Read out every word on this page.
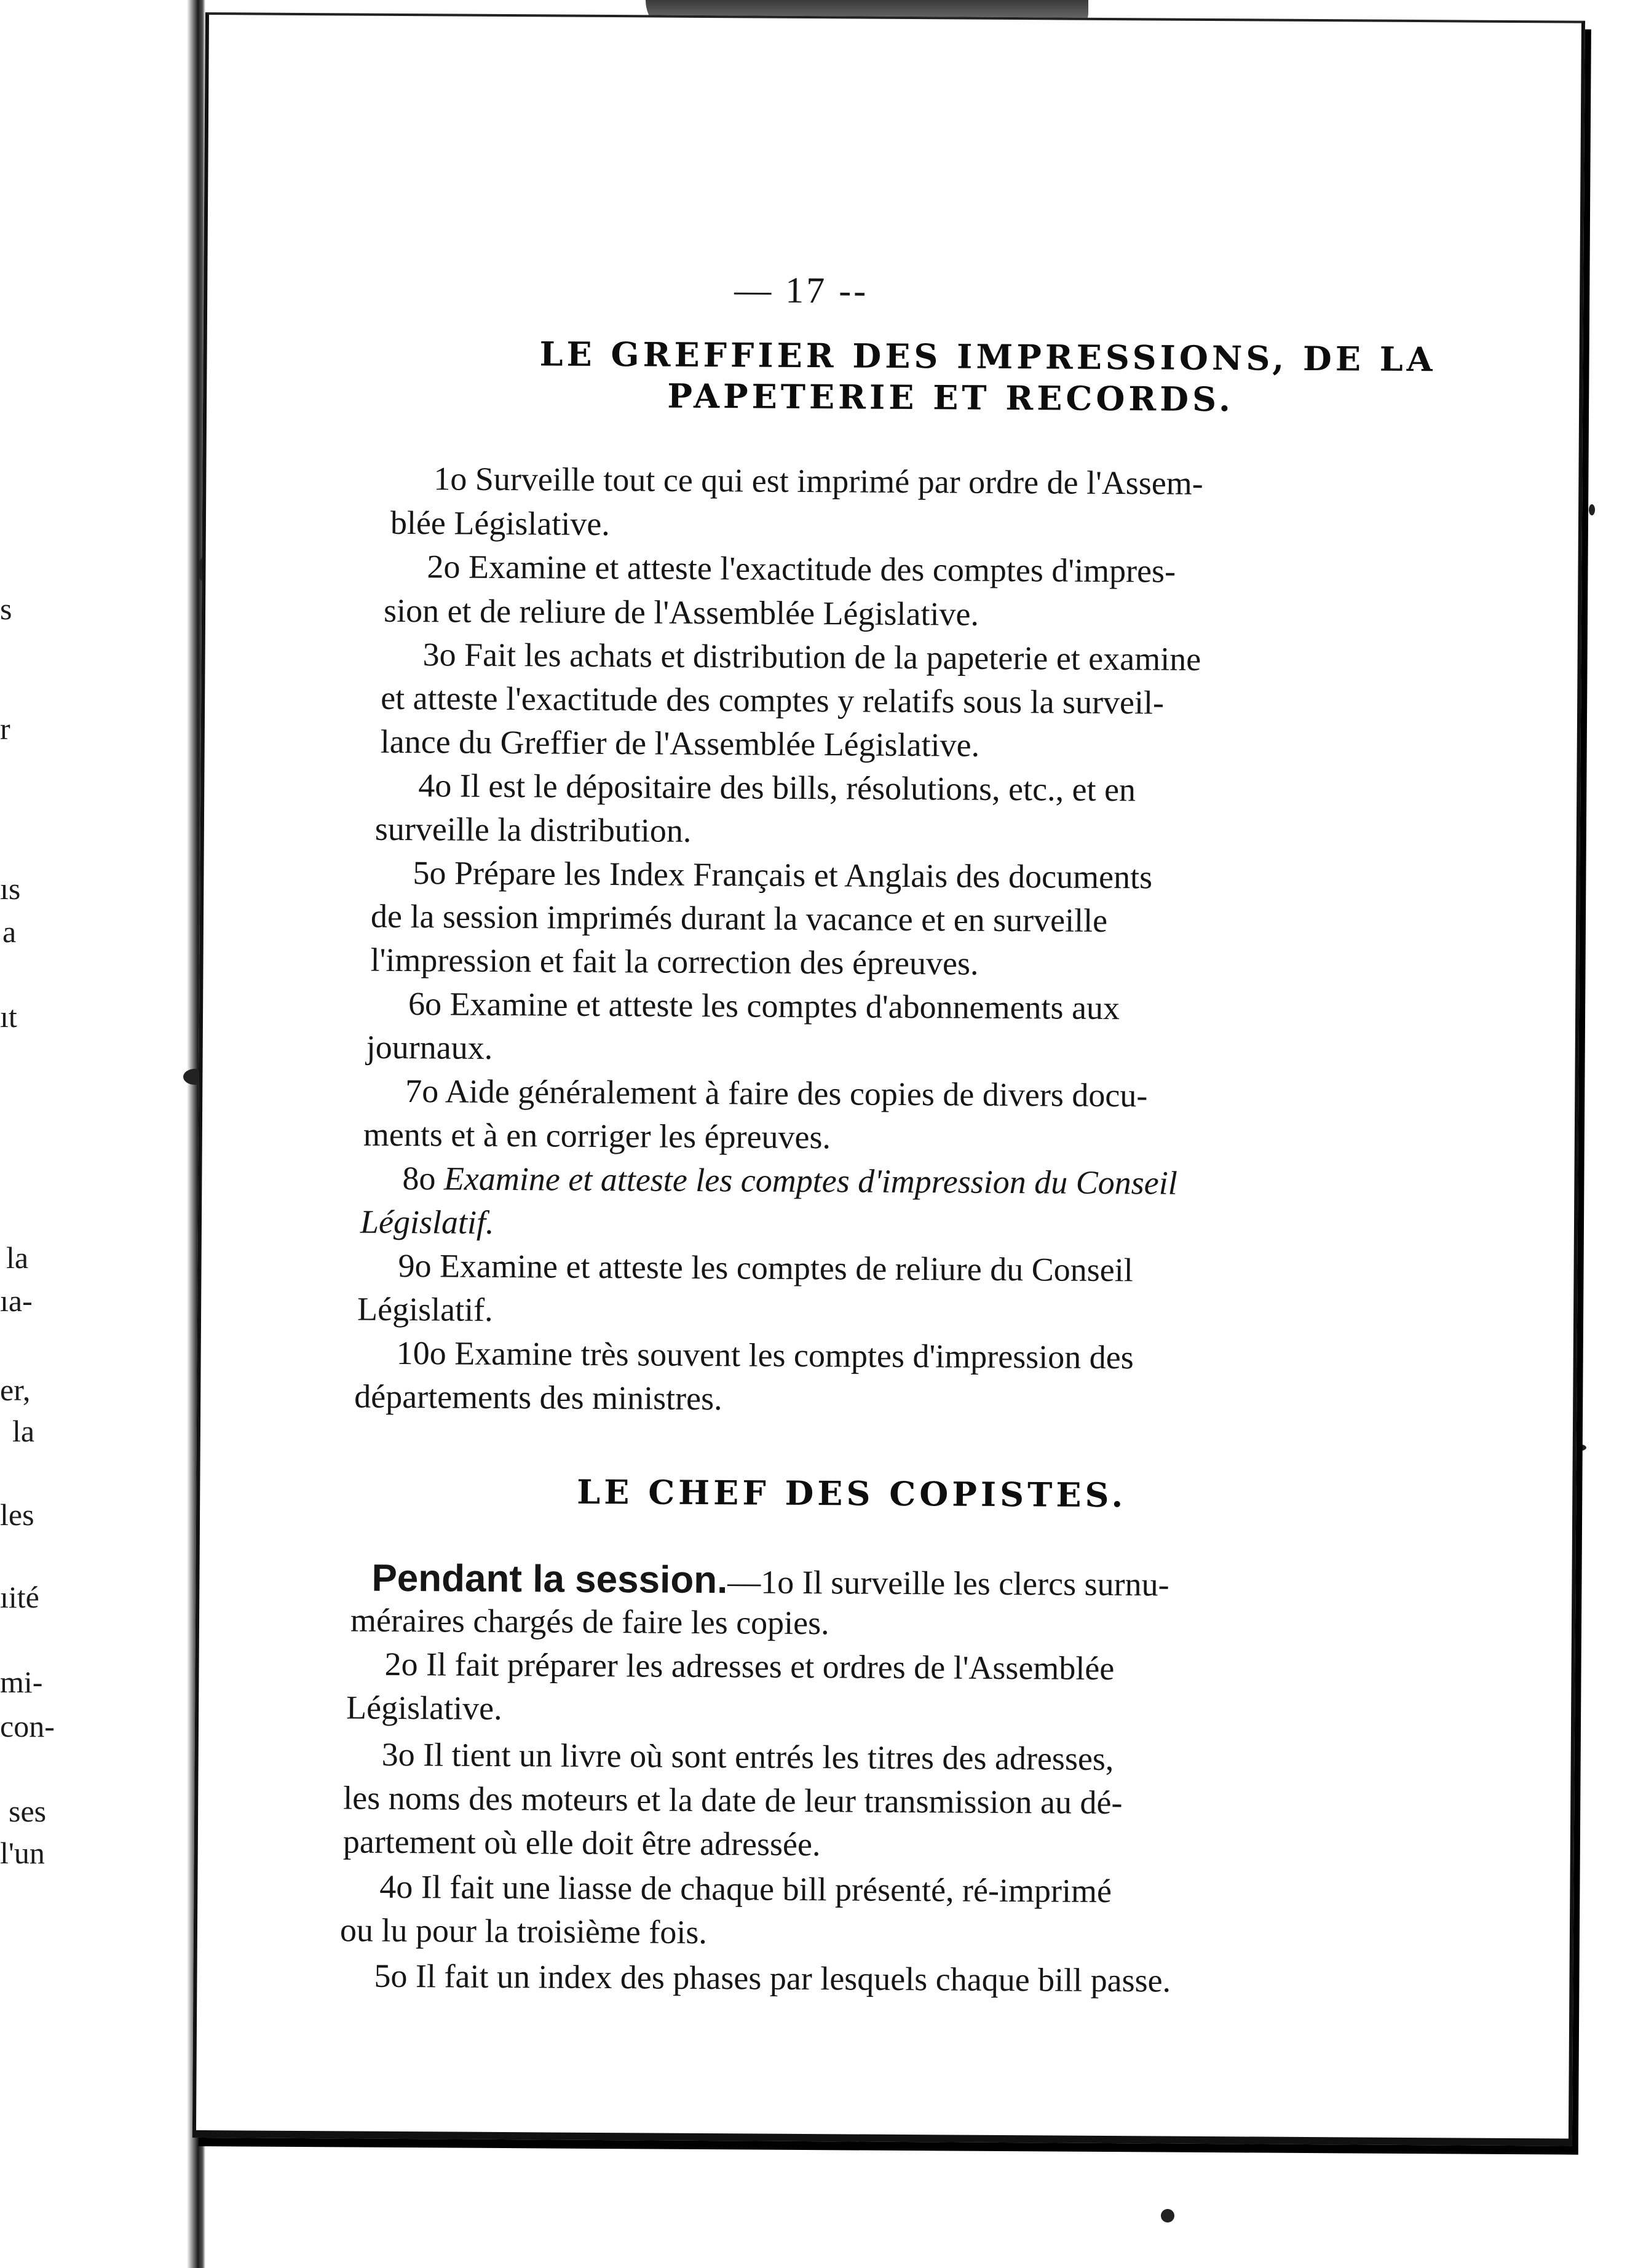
s
r
ıs
a
ıt
la
ıa-
er,
la
les
ıité
mi-
con-
ses
l'un
— 17 --
LE GREFFIER DES IMPRESSIONS, DE LA
PAPETERIE ET RECORDS.
1o Surveille tout ce qui est imprimé par ordre de l'Assem-
blée Législative.
2o Examine et atteste l'exactitude des comptes d'impres-
sion et de reliure de l'Assemblée Législative.
3o Fait les achats et distribution de la papeterie et examine
et atteste l'exactitude des comptes y relatifs sous la surveil-
lance du Greffier de l'Assemblée Législative.
4o Il est le dépositaire des bills, résolutions, etc., et en
surveille la distribution.
5o Prépare les Index Français et Anglais des documents
de la session imprimés durant la vacance et en surveille
l'impression et fait la correction des épreuves.
6o Examine et atteste les comptes d'abonnements aux
journaux.
7o Aide généralement à faire des copies de divers docu-
ments et à en corriger les épreuves.
8o Examine et atteste les comptes d'impression du Conseil
Législatif.
9o Examine et atteste les comptes de reliure du Conseil
Législatif.
10o Examine très souvent les comptes d'impression des
départements des ministres.
LE CHEF DES COPISTES.
Pendant la session.—1o Il surveille les clercs surnu-
méraires chargés de faire les copies.
2o Il fait préparer les adresses et ordres de l'Assemblée
Législative.
3o Il tient un livre où sont entrés les titres des adresses,
les noms des moteurs et la date de leur transmission au dé-
partement où elle doit être adressée.
4o Il fait une liasse de chaque bill présenté, ré-imprimé
ou lu pour la troisième fois.
5o Il fait un index des phases par lesquels chaque bill passe.
